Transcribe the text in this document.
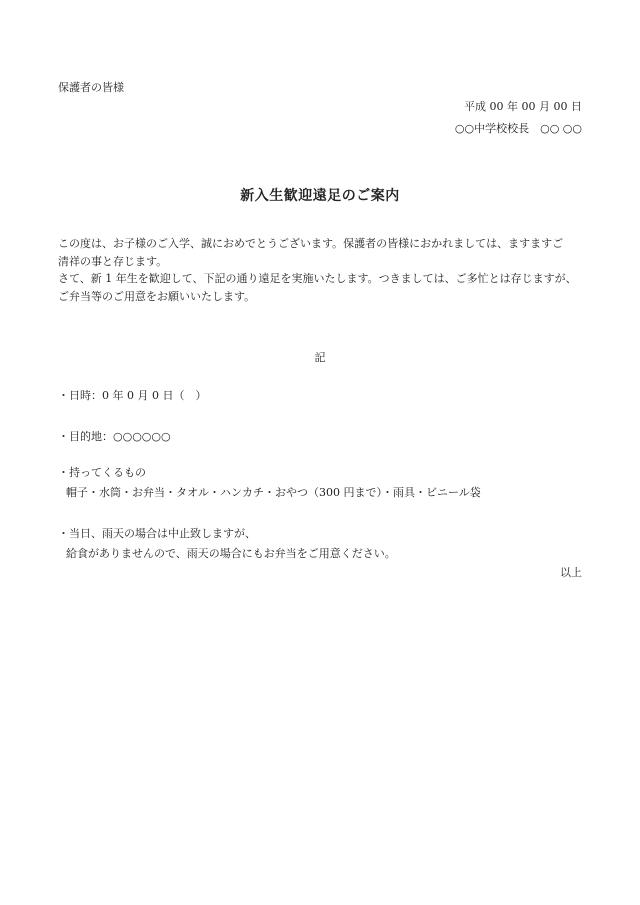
保護者の皆様
平成 00 年 00 月 00 日
○○中学校校長　○○ ○○
新入生歓迎遠足のご案内

この度は、お子様のご入学、誠におめでとうございます。保護者の皆様におかれましては、ますますご

清祥の事と存じます。

さて、新 1 年生を歓迎して、下記の通り遠足を実施いたします。つきましては、ご多忙とは存じますが、

ご弁当等のご用意をお願いいたします。

記
・日時：0 年 0 月 0 日（　）
・目的地：○○○○○○
・持ってくるもの
帽子・水筒・お弁当・タオル・ハンカチ・おやつ（300 円まで）・雨具・ビニール袋
・当日、雨天の場合は中止致しますが、
給食がありませんので、雨天の場合にもお弁当をご用意ください。
以上
